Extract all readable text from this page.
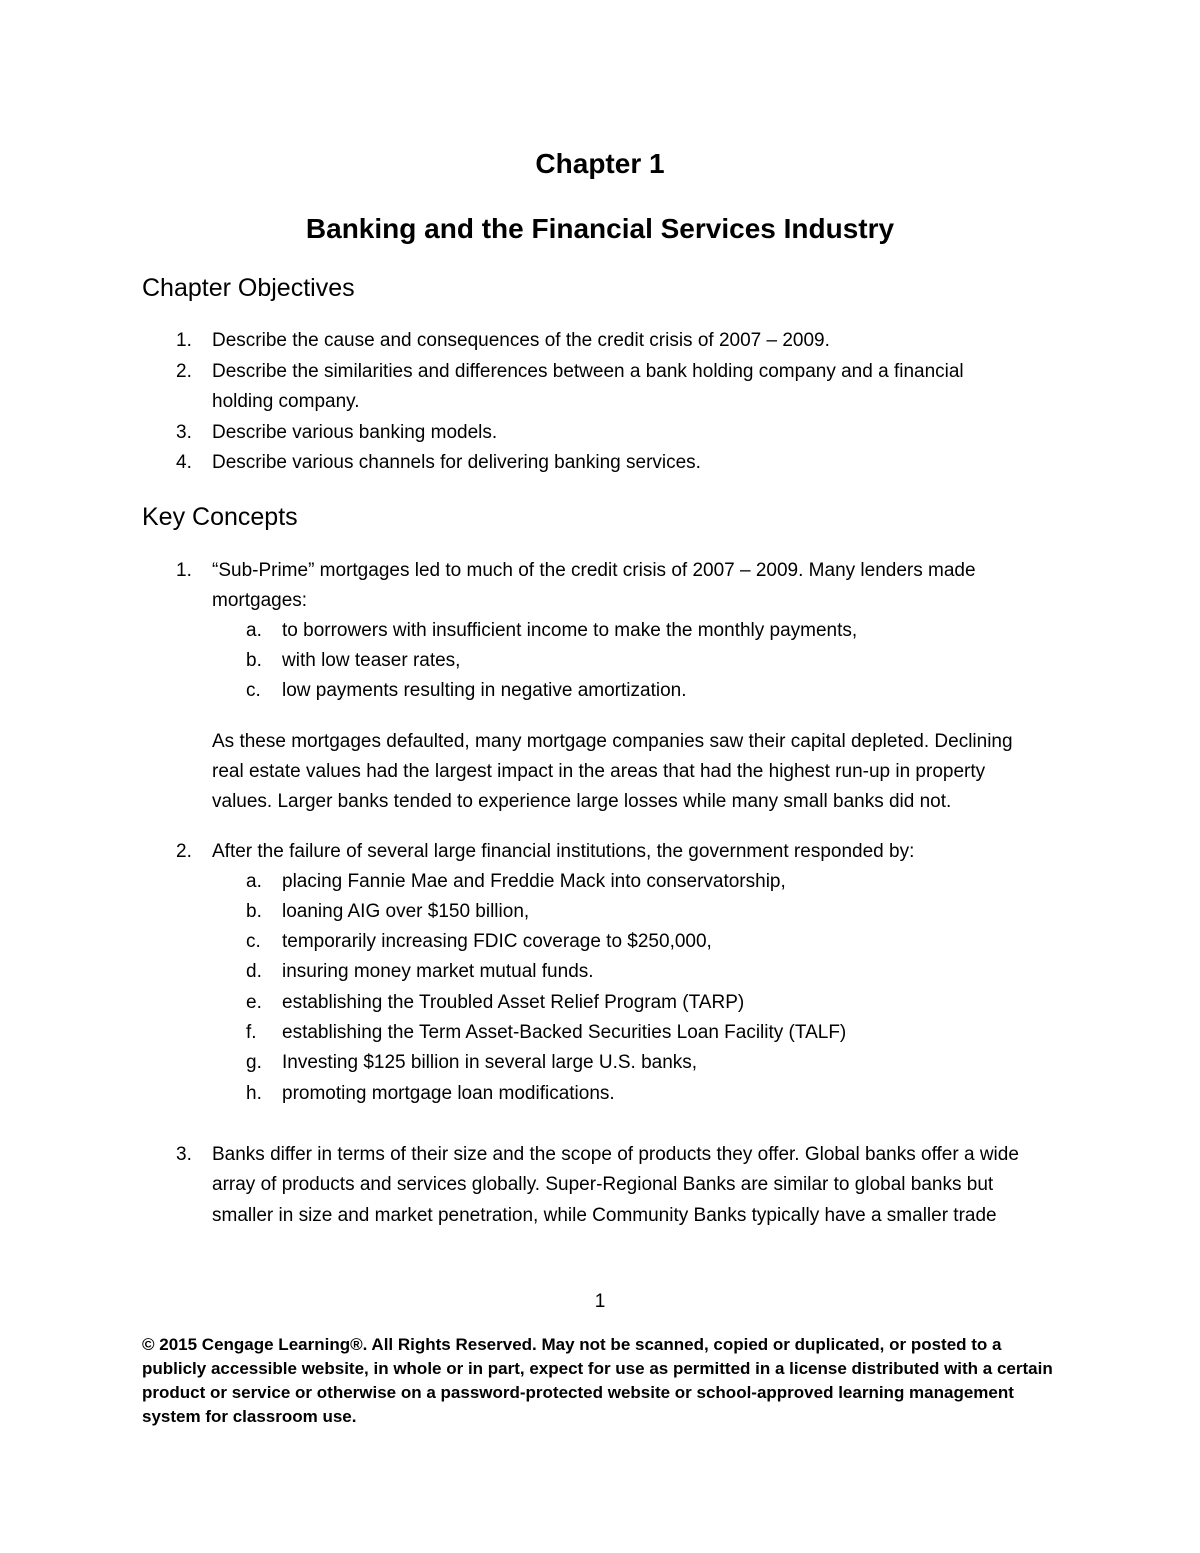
Chapter 1
Banking and the Financial Services Industry
Chapter Objectives
1. Describe the cause and consequences of the credit crisis of 2007 – 2009.
2. Describe the similarities and differences between a bank holding company and a financial
holding company.
3. Describe various banking models.
4. Describe various channels for delivering banking services.
Key Concepts
1. “Sub-Prime” mortgages led to much of the credit crisis of 2007 – 2009. Many lenders made
mortgages:
a. to borrowers with insufficient income to make the monthly payments,
b. with low teaser rates,
c. low payments resulting in negative amortization.
As these mortgages defaulted, many mortgage companies saw their capital depleted. Declining
real estate values had the largest impact in the areas that had the highest run-up in property
values. Larger banks tended to experience large losses while many small banks did not.
2. After the failure of several large financial institutions, the government responded by:
a. placing Fannie Mae and Freddie Mack into conservatorship,
b. loaning AIG over $150 billion,
c. temporarily increasing FDIC coverage to $250,000,
d. insuring money market mutual funds.
e. establishing the Troubled Asset Relief Program (TARP)
f. establishing the Term Asset-Backed Securities Loan Facility (TALF)
g. Investing $125 billion in several large U.S. banks,
h. promoting mortgage loan modifications.
3. Banks differ in terms of their size and the scope of products they offer. Global banks offer a wide
array of products and services globally. Super-Regional Banks are similar to global banks but
smaller in size and market penetration, while Community Banks typically have a smaller trade
1
© 2015 Cengage Learning®. All Rights Reserved. May not be scanned, copied or duplicated, or posted to a publicly accessible website, in whole or in part, expect for use as permitted in a license distributed with a certain product or service or otherwise on a password-protected website or school-approved learning management system for classroom use.
